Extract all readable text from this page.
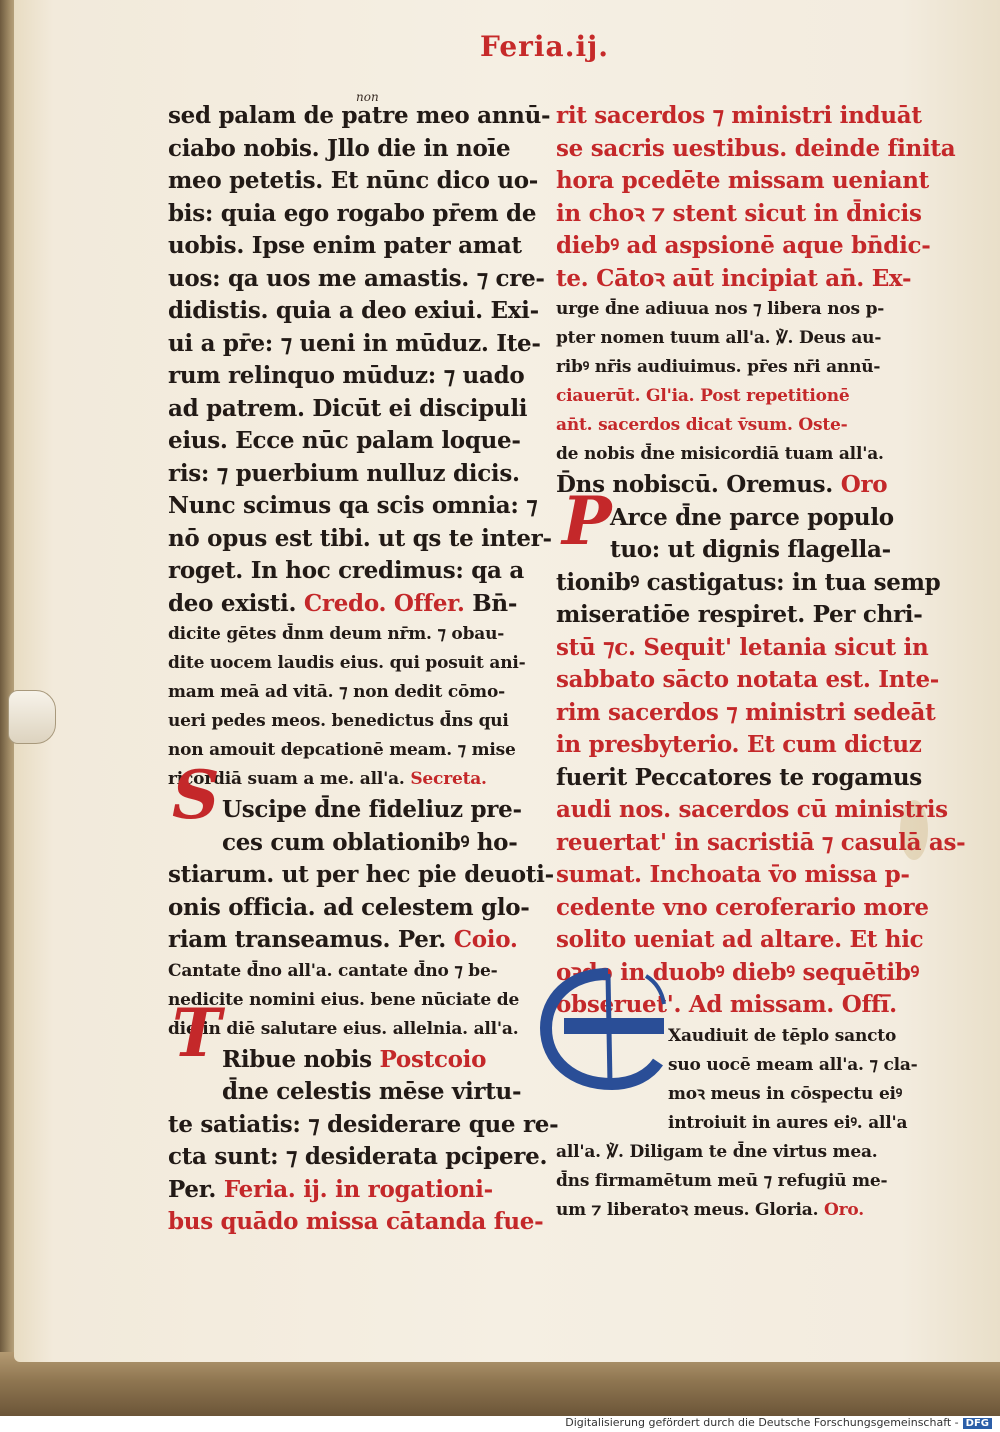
Feria.ij.
non
sed palam de patre meo annū-
ciabo nobis. Jllo die in noīe
meo petetis. Et nūnc dico uo-
bis: quia ego rogabo pr̄em de
uobis. Ipse enim pater amat
uos: qa uos me amastis. ⁊ cre-
didistis. quia a deo exiui. Exi-
ui a pr̄e: ⁊ ueni in mūduz. Ite-
rum relinquo mūduz: ⁊ uado
ad patrem. Dicūt ei discipuli
eius. Ecce nūc palam loque-
ris: ⁊ puerbium nulluz dicis.
Nunc scimus qa scis omnia: ⁊
nō opus est tibi. ut qs te inter-
roget. In hoc credimus: qa a
deo existi. Credo. Offer. Bn̄-
dicite gētes d̄nm deum nr̄m. ⁊ obau-
dite uocem laudis eius. qui posuit ani-
mam meā ad vitā. ⁊ non dedit cōmo-
ueri pedes meos. benedictus d̄ns qui
non amouit depcationē meam. ⁊ mise
ricordiā suam a me. all'a. Secreta.
Uscipe d̄ne fideliuz pre-
ces cum oblationibꝰ ho-
stiarum. ut per hec pie deuoti-
onis officia. ad celestem glo-
riam transeamus. Per. Coio.
Cantate d̄no all'a. cantate d̄no ⁊ be-
nedicite nomini eius. bene nūciate de
die in diē salutare eius. allelnia. all'a.
Ribue nobis Postcoio
d̄ne celestis mēse virtu-
te satiatis: ⁊ desiderare que re-
cta sunt: ⁊ desiderata pcipere.
Per. Feria. ij. in rogationi-
bus quādo missa cātanda fue-
rit sacerdos ⁊ ministri induāt
se sacris uestibus. deinde finita
hora pcedēte missam ueniant
in choꝛ ⁊ stent sicut in d̄nicis
diebꝰ ad aspsionē aque bn̄dic-
te. Cātoꝛ aūt incipiat an̄. Ex-
urge d̄ne adiuua nos ⁊ libera nos p-
pter nomen tuum all'a. ℣. Deus au-
ribꝰ nr̄is audiuimus. pr̄es nr̄i annū-
ciauerūt. Gl'ia. Post repetitionē
an̄t. sacerdos dicat v̄sum. Oste-
de nobis d̄ne misicordiā tuam all'a.
D̄ns nobiscū. Oremus. Oro
Arce d̄ne parce populo
tuo: ut dignis flagella-
tionibꝰ castigatus: in tua semp
miseratiōe respiret. Per chri-
stū ⁊c. Sequit' letania sicut in
sabbato sācto notata est. Inte-
rim sacerdos ⁊ ministri sedeāt
in presbyterio. Et cum dictuz
fuerit Peccatores te rogamus
audi nos. sacerdos cū ministris
reuertat' in sacristiā ⁊ casulā as-
sumat. Inchoata v̄o missa p-
cedente vno ceroferario more
solito ueniat ad altare. Et hic
oꝛdo in duobꝰ diebꝰ sequētibꝰ
obseruet'. Ad missam. Offi̅.
Xaudiuit de tēplo sancto
suo uocē meam all'a. ⁊ cla-
moꝛ meus in cōspectu eiꝰ
introiuit in aures eiꝰ. all'a
all'a. ℣. Diligam te d̄ne virtus mea.
d̄ns firmamētum meū ⁊ refugiū me-
um ⁊ liberatoꝛ meus. Gloria. Oro.
S
T
P
Digitalisierung gefördert durch die Deutsche Forschungsgemeinschaft - DFG
